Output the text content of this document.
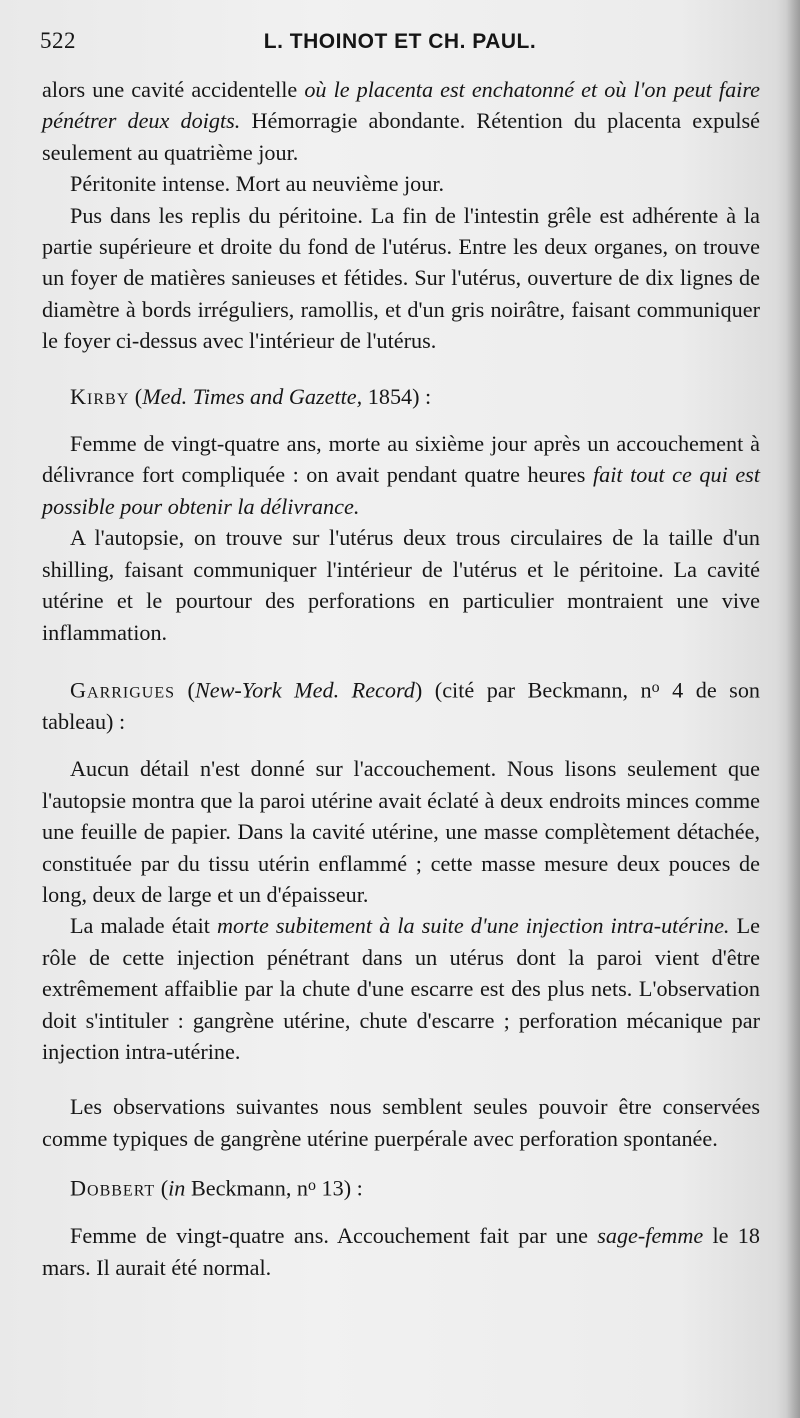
522	L. THOINOT ET CH. PAUL.

alors une cavité accidentelle où le placenta est enchatonné et où l'on peut faire pénétrer deux doigts. Hémorragie abondante. Rétention du placenta expulsé seulement au quatrième jour.

Péritonite intense. Mort au neuvième jour.

Pus dans les replis du péritoine. La fin de l'intestin grêle est adhérente à la partie supérieure et droite du fond de l'utérus. Entre les deux organes, on trouve un foyer de matières sanieuses et fétides. Sur l'utérus, ouverture de dix lignes de diamètre à bords irréguliers, ramollis, et d'un gris noirâtre, faisant communiquer le foyer ci-dessus avec l'intérieur de l'utérus.

Kirby (Med. Times and Gazette, 1854) :

Femme de vingt-quatre ans, morte au sixième jour après un accouchement à délivrance fort compliquée : on avait pendant quatre heures fait tout ce qui est possible pour obtenir la délivrance.

A l'autopsie, on trouve sur l'utérus deux trous circulaires de la taille d'un shilling, faisant communiquer l'intérieur de l'utérus et le péritoine. La cavité utérine et le pourtour des perforations en particulier montraient une vive inflammation.

Garrigues (New-York Med. Record) (cité par Beckmann, $n^o$ 4 de son tableau) :

Aucun détail n'est donné sur l'accouchement. Nous lisons seulement que l'autopsie montra que la paroi utérine avait éclaté à deux endroits minces comme une feuille de papier. Dans la cavité utérine, une masse complètement détachée, constituée par du tissu utérin enflammé ; cette masse mesure deux pouces de long, deux de large et un d'épaisseur.

La malade était morte subitement à la suite d'une injection intra-utérine. Le rôle de cette injection pénétrant dans un utérus dont la paroi vient d'être extrêmement affaiblie par la chute d'une escarre est des plus nets. L'observation doit s'intituler : gangrène utérine, chute d'escarre ; perforation mécanique par injection intra-utérine.

Les observations suivantes nous semblent seules pouvoir être conservées comme typiques de gangrène utérine puerpérale avec perforation spontanée.

Dobbert (in Beckmann, $n^o$ 13) :

Femme de vingt-quatre ans. Accouchement fait par une sage-femme le 18 mars. Il aurait été normal.
